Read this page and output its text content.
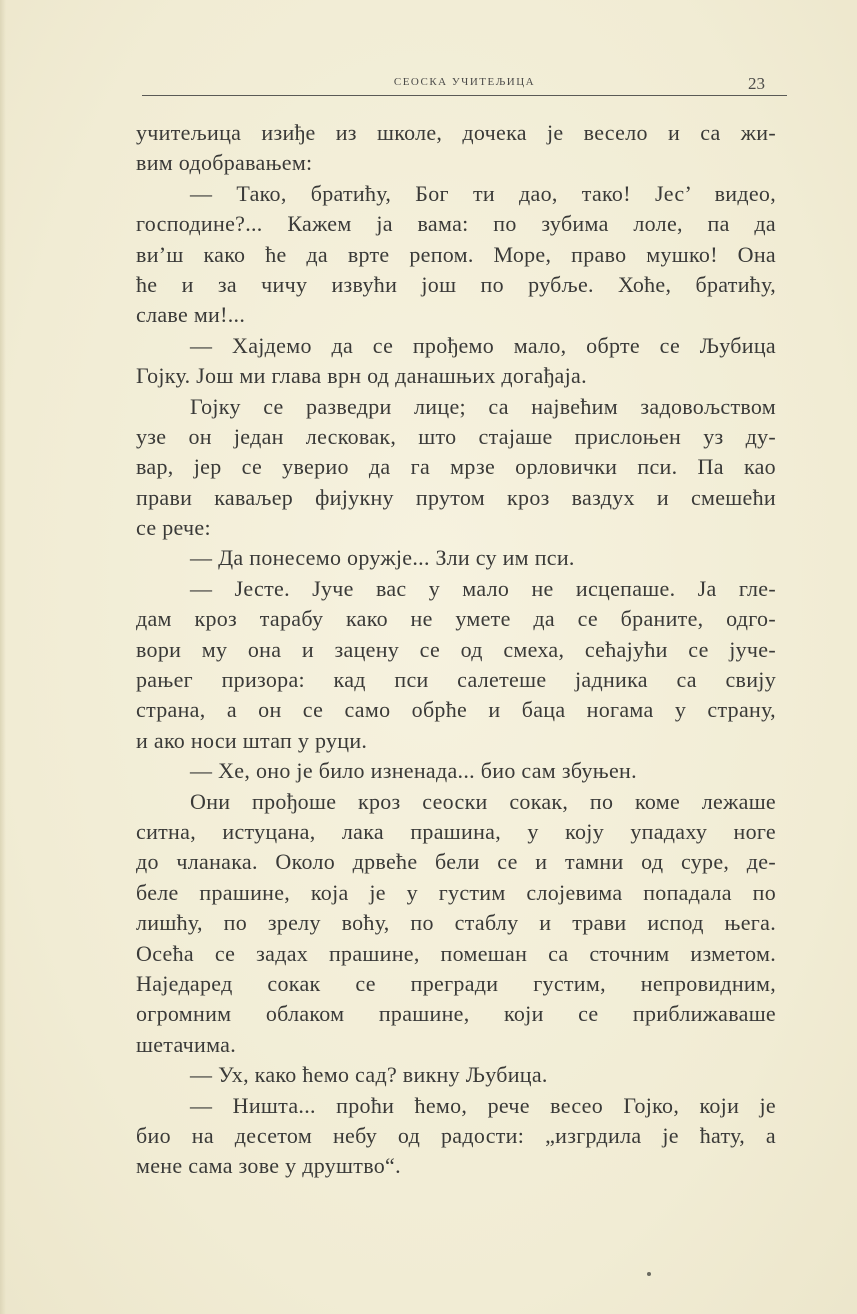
СЕОСКА УЧИТЕЉИЦА	23
учитељица изиђе из школе, дочека је весело и са жи-
вим одобравањем:
— Тако, братићу, Бог ти дао, тако! Јес’ видео,
господине?... Кажем ја вама: по зубима лоле, па да
ви’ш како ће да врте репом. Море, право мушко! Она
ће и за чичу извући још по рубље. Хоће, братићу,
славе ми!...
— Хајдемо да се прођемо мало, обрте се Љубица
Гојку. Још ми глава врн од данашњих догађаја.
Гојку се разведри лице; са највећим задовољством
узе он један лесковак, што стајаше прислоњен уз ду-
вар, јер се уверио да га мрзе орловички пси. Па као
прави каваљер фијукну прутом кроз ваздух и смешећи
се рече:
— Да понесемо оружје... Зли су им пси.
— Јесте. Јуче вас у мало не исцепаше. Ја гле-
дам кроз тарабу како не умете да се браните, одго-
вори му она и зацену се од смеха, сећајући се јуче-
рањег призора: кад пси салетеше јадника са свију
страна, а он се само обрће и баца ногама у страну,
и ако носи штап у руци.
— Хе, оно је било изненада... био сам збуњен.
Они прођоше кроз сеоски сокак, по коме лежаше
ситна, истуцана, лака прашина, у коју упадаху ноге
до чланака. Около дрвеће бели се и тамни од суре, де-
беле прашине, која је у густим слојевима попадала по
лишћу, по зрелу воћу, по стаблу и трави испод њега.
Осећа се задах прашине, помешан са сточним изметом.
Наједаред сокак се прегради густим, непровидним,
огромним облаком прашине, који се приближаваше
шетачима.
— Ух, како ћемо сад? викну Љубица.
— Ништа... проћи ћемо, рече весео Гојко, који је
био на десетом небу од радости: „изгрдила је ћату, а
мене сама зове у друштво“.
